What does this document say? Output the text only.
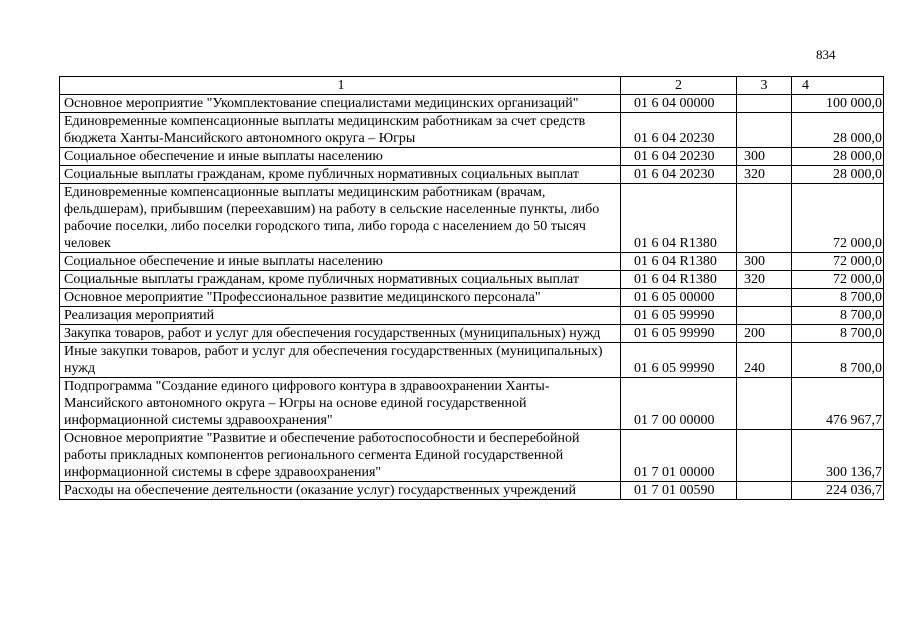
834
1	2	3	4
Основное мероприятие "Укомплектование специалистами медицинских организаций"	01 6 04 00000		100 000,0
Единовременные компенсационные выплаты медицинским работникам за счет средств бюджета Ханты-Мансийского автономного округа – Югры	01 6 04 20230		28 000,0
Социальное обеспечение и иные выплаты населению	01 6 04 20230	300	28 000,0
Социальные выплаты гражданам, кроме публичных нормативных социальных выплат	01 6 04 20230	320	28 000,0
Единовременные компенсационные выплаты медицинским работникам (врачам, фельдшерам), прибывшим (переехавшим) на работу в сельские населенные пункты, либо рабочие поселки, либо поселки городского типа, либо города с населением до 50 тысяч человек	01 6 04 R1380		72 000,0
Социальное обеспечение и иные выплаты населению	01 6 04 R1380	300	72 000,0
Социальные выплаты гражданам, кроме публичных нормативных социальных выплат	01 6 04 R1380	320	72 000,0
Основное мероприятие "Профессиональное развитие медицинского персонала"	01 6 05 00000		8 700,0
Реализация мероприятий	01 6 05 99990		8 700,0
Закупка товаров, работ и услуг для обеспечения государственных (муниципальных) нужд	01 6 05 99990	200	8 700,0
Иные закупки товаров, работ и услуг для обеспечения государственных (муниципальных) нужд	01 6 05 99990	240	8 700,0
Подпрограмма "Создание единого цифрового контура в здравоохранении Ханты-Мансийского автономного округа – Югры на основе единой государственной информационной системы здравоохранения"	01 7 00 00000		476 967,7
Основное мероприятие "Развитие и обеспечение работоспособности и бесперебойной работы прикладных компонентов регионального сегмента Единой государственной информационной системы в сфере здравоохранения"	01 7 01 00000		300 136,7
Расходы на обеспечение деятельности (оказание услуг) государственных учреждений	01 7 01 00590		224 036,7
